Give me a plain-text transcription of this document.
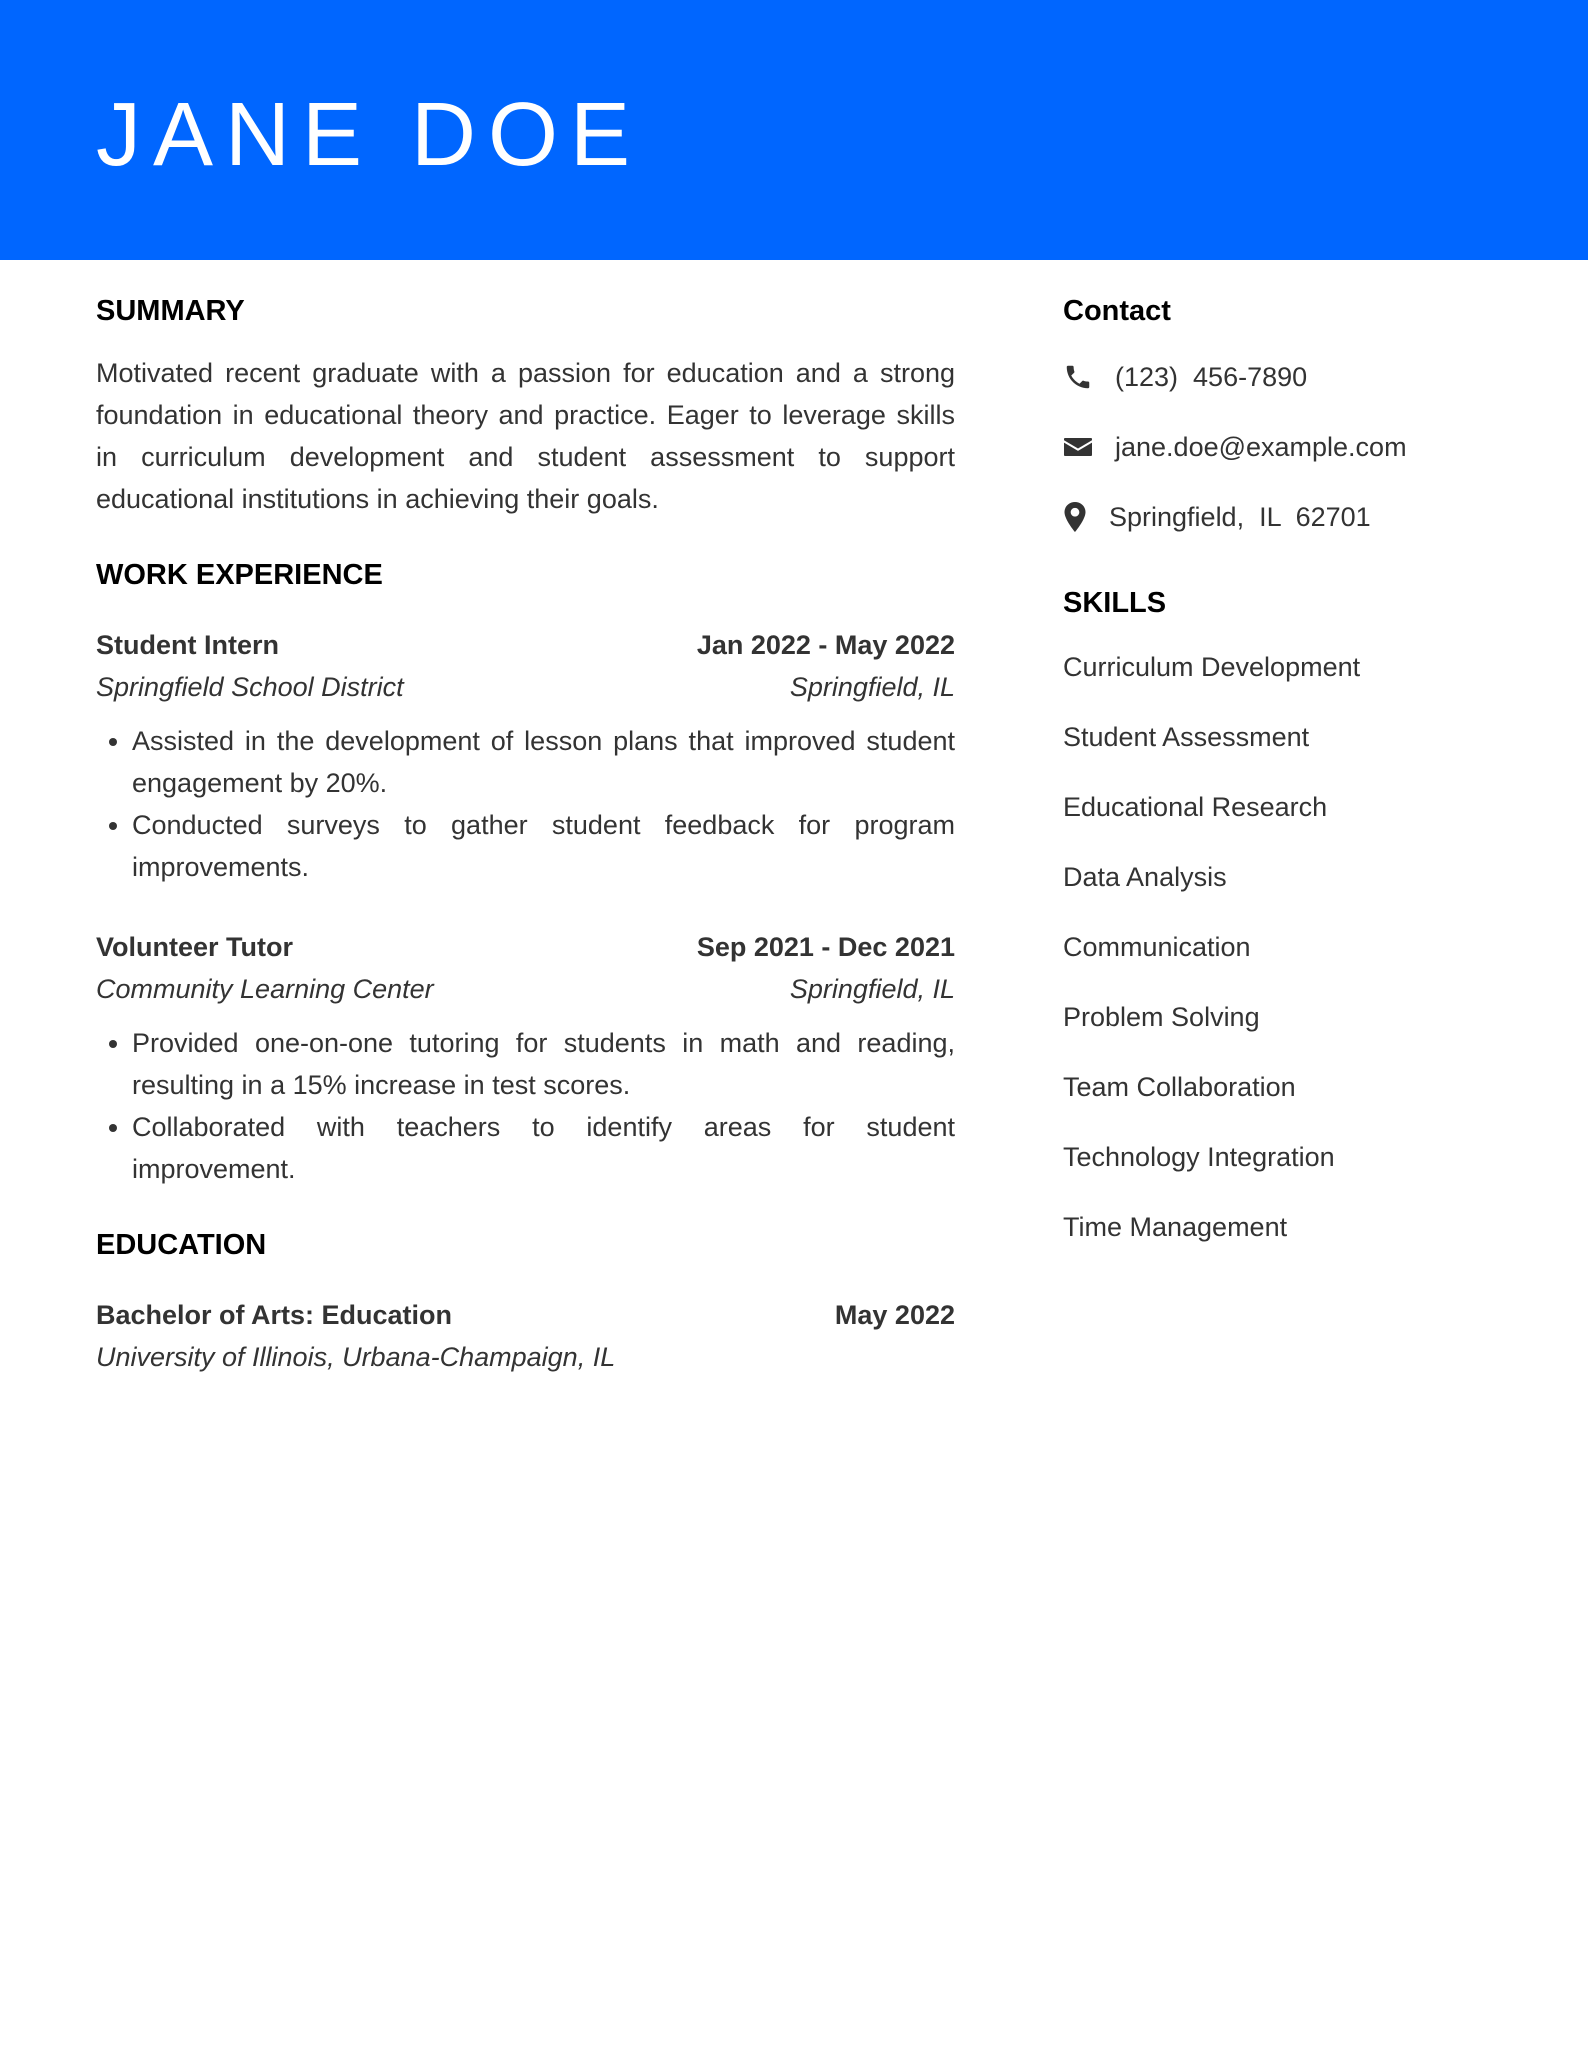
JANE DOE
SUMMARY

Motivated recent graduate with a passion for education and a strong foundation in educational theory and practice. Eager to leverage skills in curriculum development and student assessment to support educational institutions in achieving their goals.

WORK EXPERIENCE
Student Intern	Jan 2022 - May 2022
Springfield School District	Springfield, IL
• Assisted in the development of lesson plans that improved student engagement by 20%.
• Conducted surveys to gather student feedback for program improvements.
Volunteer Tutor	Sep 2021 - Dec 2021
Community Learning Center	Springfield, IL
• Provided one-on-one tutoring for students in math and reading, resulting in a 15% increase in test scores.
• Collaborated with teachers to identify areas for student improvement.
EDUCATION
Bachelor of Arts: Education	May 2022
University of Illinois, Urbana-Champaign, IL
Contact
(123)  456-7890
jane.doe@example.com
Springfield,  IL  62701
SKILLS
Curriculum Development
Student Assessment
Educational Research
Data Analysis
Communication
Problem Solving
Team Collaboration
Technology Integration
Time Management
